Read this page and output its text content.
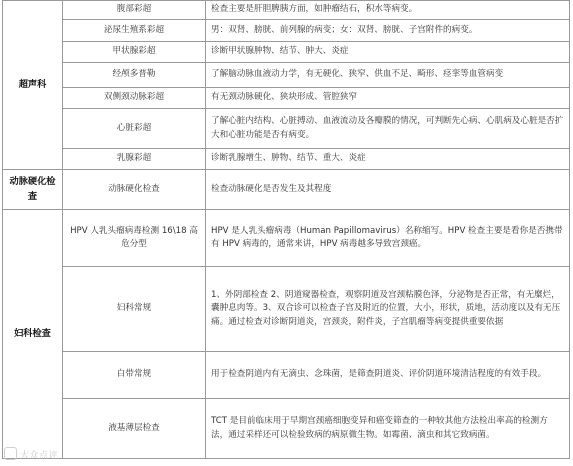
超声科	腹部彩超	检查主要是肝胆脾胰方面，如肿瘤结石，积水等病变。
	泌尿生殖系彩超	男：双肾、膀胱、前列腺的病变；女：双肾、膀胱、子宫附件的病变。
	甲状腺彩超	诊断甲状腺肿物、结节、肿大、炎症
	经颅多普勒	了解脑动脉血液动力学，有无硬化、狭窄、供血不足、畸形、痉挛等血管病变
	双侧颈动脉彩超	有无颈动脉硬化、狭块形成、管腔狭窄
	心脏彩超	了解心脏内结构、心脏搏动、血液流动及各瓣膜的情况，可判断先心病、心肌病及心脏是否扩大和心脏功能是否有病变。
	乳腺彩超	诊断乳腺增生、肿物、结节、重大、炎症
动脉硬化检查	动脉硬化检查	检查动脉硬化是否发生及其程度
妇科检查	HPV 人乳头瘤病毒检测 16\18 高危分型	HPV 是人乳头瘤病毒（Human Papillomavirus）名称缩写。HPV 检查主要是看你是否携带有 HPV 病毒的，通常来讲，HPV 病毒越多导致宫颈癌。
	妇科常规	1、外阴部检查 2、阴道窥器检查，观察阴道及宫颈粘膜色泽，分泌物是否正常，有无糜烂，囊肿息肉等。3、双合诊可以检查子宫及附近的位置，大小，形状，质地，活动度以及有无压痛。通过检查对诊断阴道炎，宫颈炎，附件炎，子宫肌瘤等病变提供重要依据
	白带常规	用于检查阴道内有无滴虫、念珠菌，是筛查阴道炎、评价阴道环境清洁程度的有效手段。
	液基薄层检查	TCT 是目前临床用于早期宫颈癌细胞变异和癌变筛查的一种较其他方法检出率高的检测方法，通过采样还可以检验致病的病原微生物。如霉菌、滴虫和其它致病菌。
大众点评
